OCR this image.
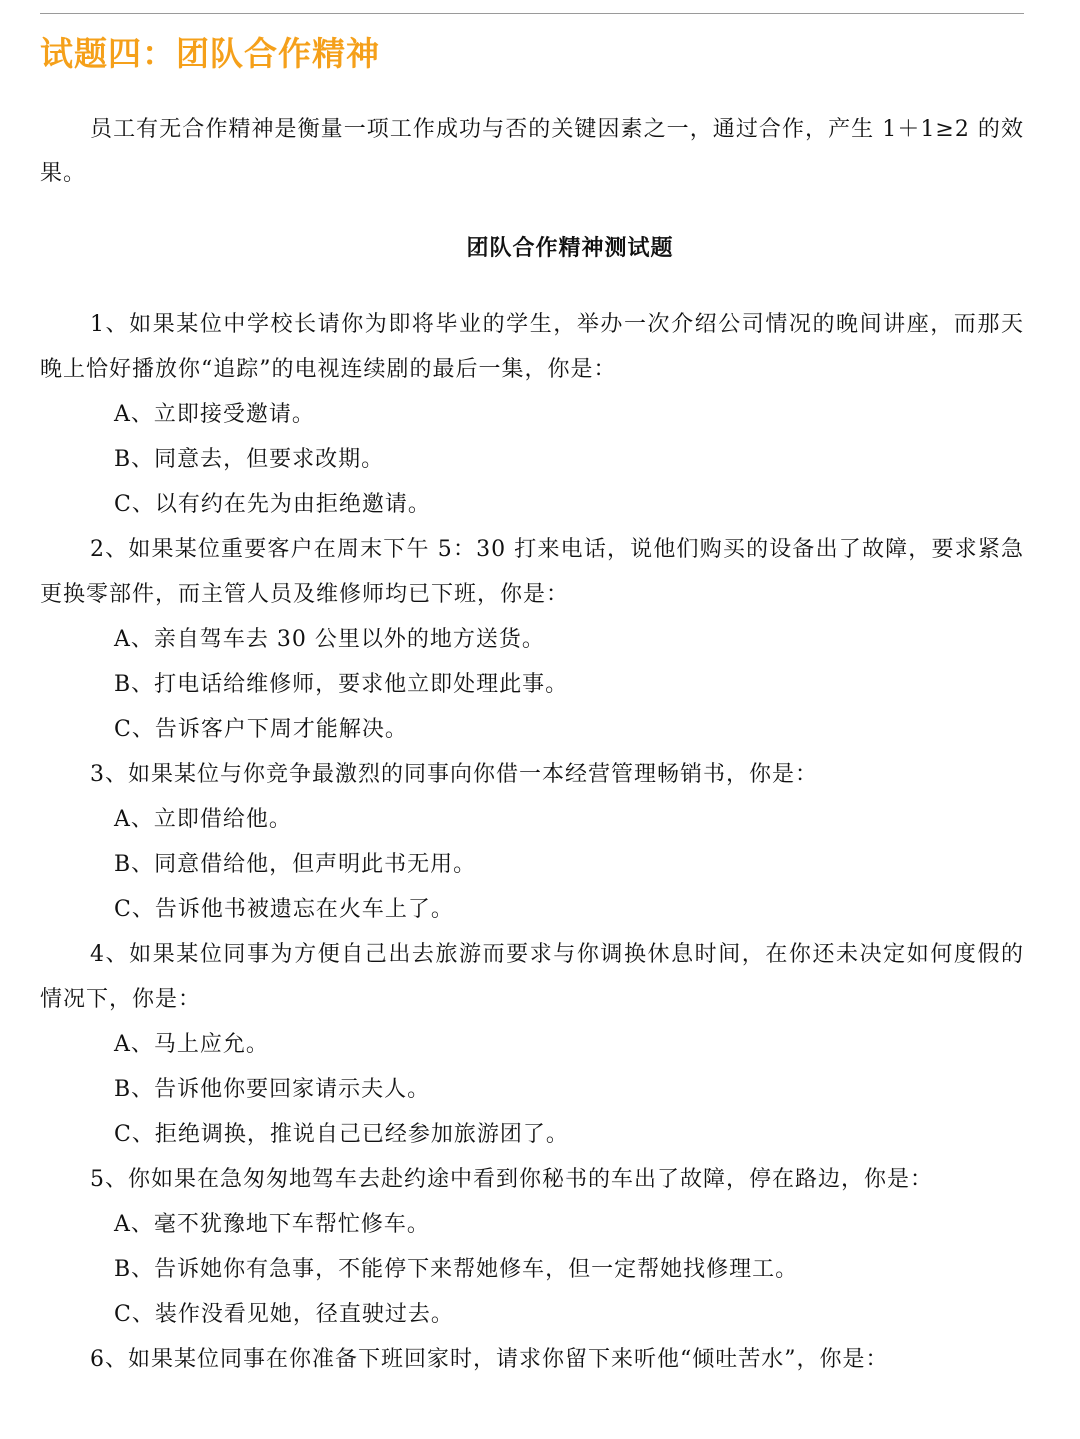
试题四：团队合作精神
员工有无合作精神是衡量一项工作成功与否的关键因素之一，通过合作，产生 1＋1≥2 的效果。
团队合作精神测试题
1、如果某位中学校长请你为即将毕业的学生，举办一次介绍公司情况的晚间讲座，而那天晚上恰好播放你“追踪”的电视连续剧的最后一集，你是：
A、立即接受邀请。
B、同意去，但要求改期。
C、以有约在先为由拒绝邀请。
2、如果某位重要客户在周末下午 5：30 打来电话，说他们购买的设备出了故障，要求紧急更换零部件，而主管人员及维修师均已下班，你是：
A、亲自驾车去 30 公里以外的地方送货。
B、打电话给维修师，要求他立即处理此事。
C、告诉客户下周才能解决。
3、如果某位与你竞争最激烈的同事向你借一本经营管理畅销书，你是：
A、立即借给他。
B、同意借给他，但声明此书无用。
C、告诉他书被遗忘在火车上了。
4、如果某位同事为方便自己出去旅游而要求与你调换休息时间，在你还未决定如何度假的情况下，你是：
A、马上应允。
B、告诉他你要回家请示夫人。
C、拒绝调换，推说自己已经参加旅游团了。
5、你如果在急匆匆地驾车去赴约途中看到你秘书的车出了故障，停在路边，你是：
A、毫不犹豫地下车帮忙修车。
B、告诉她你有急事，不能停下来帮她修车，但一定帮她找修理工。
C、装作没看见她，径直驶过去。
6、如果某位同事在你准备下班回家时，请求你留下来听他“倾吐苦水”，你是：
